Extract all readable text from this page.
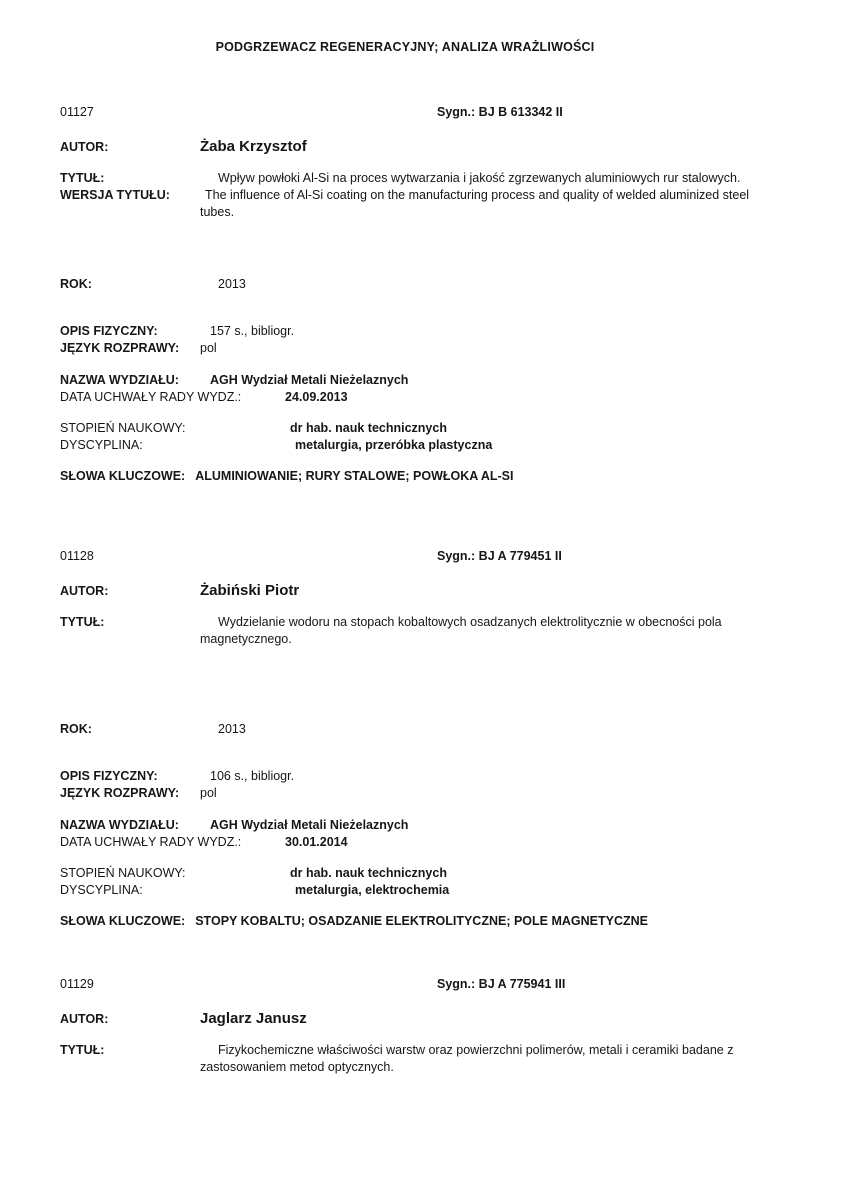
PODGRZEWACZ REGENERACYJNY; ANALIZA WRAŻLIWOŚCI
01127	Sygn.: BJ B 613342 II
AUTOR:	Żaba Krzysztof
TYTUŁ:	Wpływ powłoki Al-Si na proces wytwarzania i jakość zgrzewanych aluminiowych rur stalowych.
WERSJA TYTUŁU:	The influence of Al-Si coating on the manufacturing process and quality of welded aluminized steel tubes.
ROK:	2013
OPIS FIZYCZNY:	157 s., bibliogr.
JĘZYK ROZPRAWY:	pol
NAZWA WYDZIAŁU:	AGH Wydział Metali Nieżelaznych
DATA UCHWAŁY RADY WYDZ.:	24.09.2013
STOPIEŃ NAUKOWY:	dr hab. nauk technicznych
DYSCYPLINA:	metalurgia, przeróbka plastyczna
SŁOWA KLUCZOWE: ALUMINIOWANIE; RURY STALOWE; POWŁOKA AL-SI
01128	Sygn.: BJ A 779451 II
AUTOR:	Żabiński Piotr
TYTUŁ:	Wydzielanie wodoru na stopach kobaltowych osadzanych elektrolitycznie w obecności pola magnetycznego.
ROK:	2013
OPIS FIZYCZNY:	106 s., bibliogr.
JĘZYK ROZPRAWY:	pol
NAZWA WYDZIAŁU:	AGH Wydział Metali Nieżelaznych
DATA UCHWAŁY RADY WYDZ.:	30.01.2014
STOPIEŃ NAUKOWY:	dr hab. nauk technicznych
DYSCYPLINA:	metalurgia, elektrochemia
SŁOWA KLUCZOWE: STOPY KOBALTU; OSADZANIE ELEKTROLITYCZNE; POLE MAGNETYCZNE
01129	Sygn.: BJ A 775941 III
AUTOR:	Jaglarz Janusz
TYTUŁ:	Fizykochemiczne właściwości warstw oraz powierzchni polimerów, metali i ceramiki badane z zastosowaniem metod optycznych.
